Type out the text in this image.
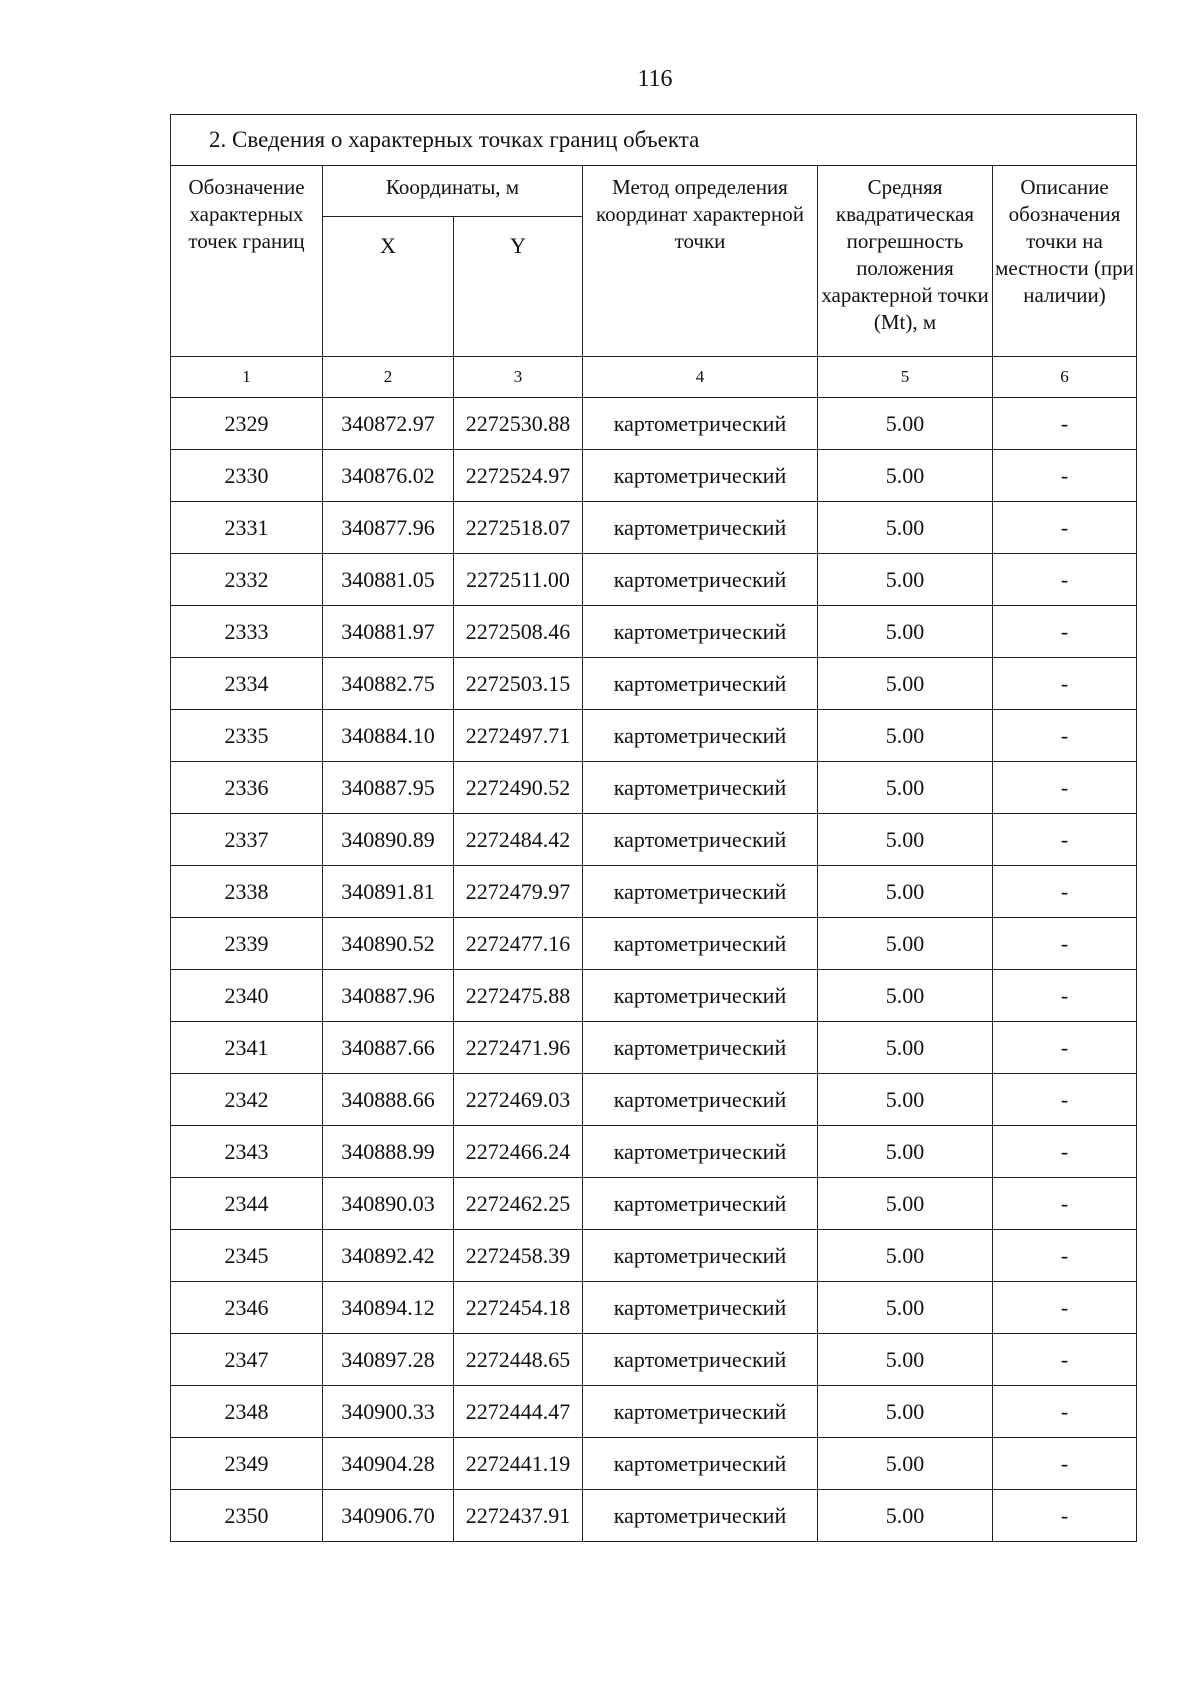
116
2. Сведения о характерных точках границ объекта					
Обозначение характерных точек границ	Координаты, м		Метод определения координат характерной точки	Средняя квадратическая погрешность положения характерной точки (Mt), м	Описание обозначения точки на местности (при наличии)
	X	Y			
1	2	3	4	5	6
2329	340872.97	2272530.88	картометрический	5.00	-
2330	340876.02	2272524.97	картометрический	5.00	-
2331	340877.96	2272518.07	картометрический	5.00	-
2332	340881.05	2272511.00	картометрический	5.00	-
2333	340881.97	2272508.46	картометрический	5.00	-
2334	340882.75	2272503.15	картометрический	5.00	-
2335	340884.10	2272497.71	картометрический	5.00	-
2336	340887.95	2272490.52	картометрический	5.00	-
2337	340890.89	2272484.42	картометрический	5.00	-
2338	340891.81	2272479.97	картометрический	5.00	-
2339	340890.52	2272477.16	картометрический	5.00	-
2340	340887.96	2272475.88	картометрический	5.00	-
2341	340887.66	2272471.96	картометрический	5.00	-
2342	340888.66	2272469.03	картометрический	5.00	-
2343	340888.99	2272466.24	картометрический	5.00	-
2344	340890.03	2272462.25	картометрический	5.00	-
2345	340892.42	2272458.39	картометрический	5.00	-
2346	340894.12	2272454.18	картометрический	5.00	-
2347	340897.28	2272448.65	картометрический	5.00	-
2348	340900.33	2272444.47	картометрический	5.00	-
2349	340904.28	2272441.19	картометрический	5.00	-
2350	340906.70	2272437.91	картометрический	5.00	-
